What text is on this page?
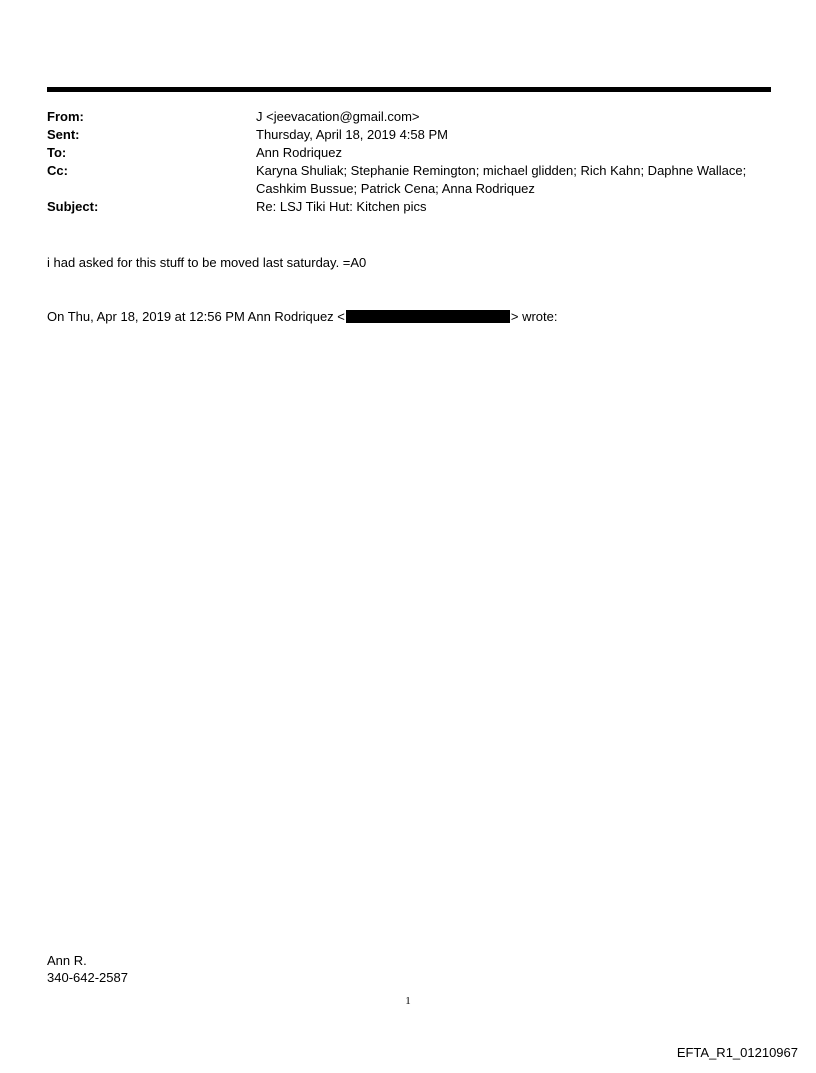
From:	J <jeevacation@gmail.com>
Sent:	Thursday, April 18, 2019 4:58 PM
To:	Ann Rodriquez
Cc:	Karyna Shuliak; Stephanie Remington; michael glidden; Rich Kahn; Daphne Wallace;
Cashkim Bussue; Patrick Cena; Anna Rodriquez
Subject:	Re: LSJ Tiki Hut: Kitchen pics
i had asked for this stuff to be moved last saturday. =A0
On Thu, Apr 18, 2019 at 12:56 PM Ann Rodriquez <	> wrote:
Ann R.
340-642-2587
1
EFTA_R1_01210967
